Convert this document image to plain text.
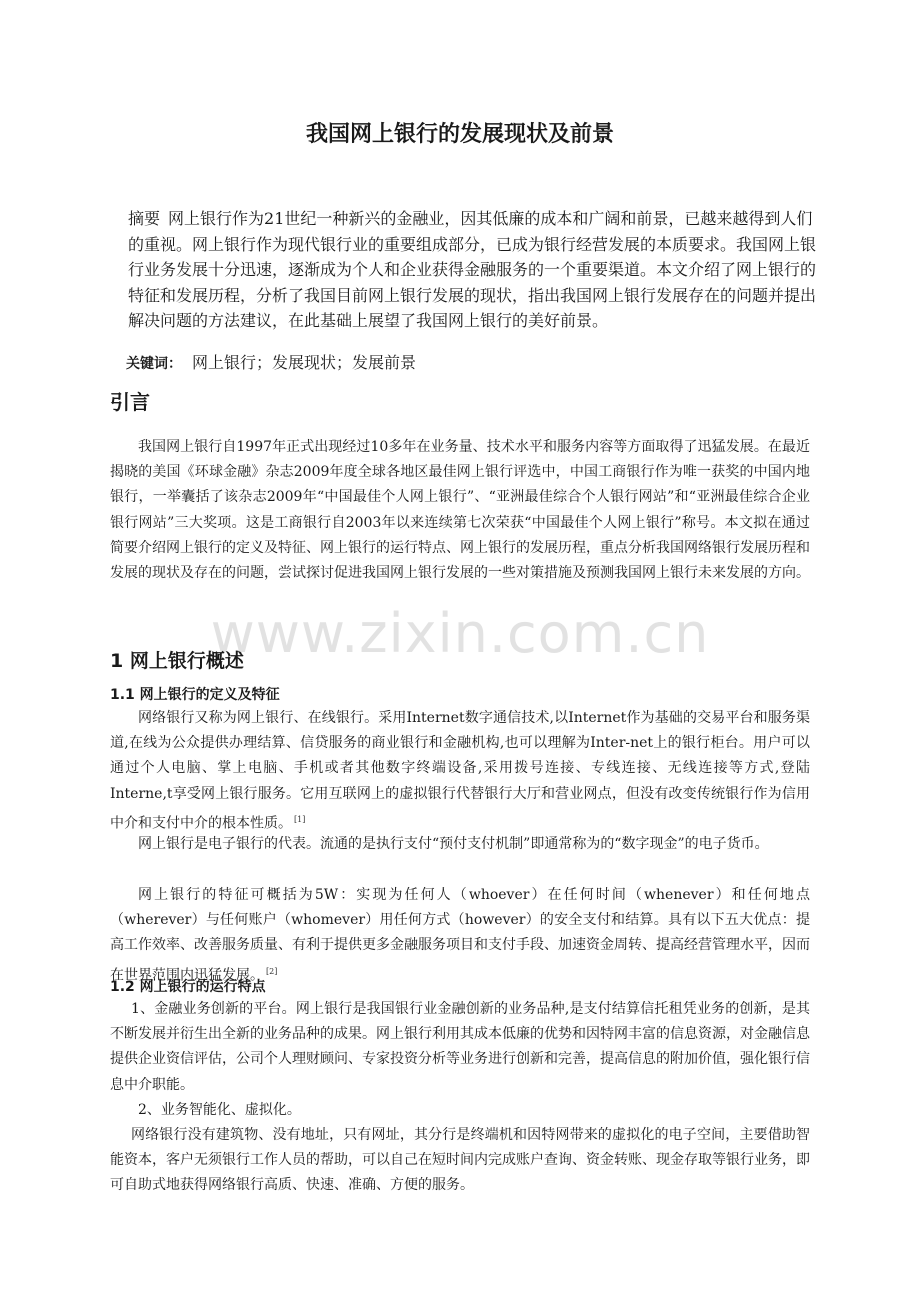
我国网上银行的发展现状及前景

摘要 网上银行作为21世纪一种新兴的金融业，因其低廉的成本和广阔和前景，已越来越得到人们的重视。网上银行作为现代银行业的重要组成部分，已成为银行经营发展的本质要求。我国网上银行业务发展十分迅速，逐渐成为个人和企业获得金融服务的一个重要渠道。本文介绍了网上银行的特征和发展历程，分析了我国目前网上银行发展的现状，指出我国网上银行发展存在的问题并提出解决问题的方法建议，在此基础上展望了我国网上银行的美好前景。

关键词： 网上银行；发展现状；发展前景

引言

我国网上银行自1997年正式出现经过10多年在业务量、技术水平和服务内容等方面取得了迅猛发展。在最近揭晓的美国《环球金融》杂志2009年度全球各地区最佳网上银行评选中，中国工商银行作为唯一获奖的中国内地银行，一举囊括了该杂志2009年“中国最佳个人网上银行”、“亚洲最佳综合个人银行网站”和“亚洲最佳综合企业银行网站”三大奖项。这是工商银行自2003年以来连续第七次荣获“中国最佳个人网上银行”称号。本文拟在通过简要介绍网上银行的定义及特征、网上银行的运行特点、网上银行的发展历程，重点分析我国网络银行发展历程和发展的现状及存在的问题，尝试探讨促进我国网上银行发展的一些对策措施及预测我国网上银行未来发展的方向。

www.zixin.com.cn
1 网上银行概述
1.1 网上银行的定义及特征

网络银行又称为网上银行、在线银行。采用Internet数字通信技术,以Internet作为基础的交易平台和服务渠道,在线为公众提供办理结算、信贷服务的商业银行和金融机构,也可以理解为Inter-net上的银行柜台。用户可以通过个人电脑、掌上电脑、手机或者其他数字终端设备,采用拨号连接、专线连接、无线连接等方式,登陆Interne,t享受网上银行服务。它用互联网上的虚拟银行代替银行大厅和营业网点，但没有改变传统银行作为信用中介和支付中介的根本性质。 [1]

网上银行是电子银行的代表。流通的是执行支付“预付支付机制”即通常称为的“数字现金”的电子货币。

网上银行的特征可概括为5W：实现为任何人（whoever）在任何时间（whenever）和任何地点（wherever）与任何账户（whomever）用任何方式（however）的安全支付和结算。具有以下五大优点：提高工作效率、改善服务质量、有利于提供更多金融服务项目和支付手段、加速资金周转、提高经营管理水平，因而在世界范围内迅猛发展。 [2]

1.2 网上银行的运行特点

1、金融业务创新的平台。网上银行是我国银行业金融创新的业务品种,是支付结算信托租凭业务的创新，是其不断发展并衍生出全新的业务品种的成果。网上银行利用其成本低廉的优势和因特网丰富的信息资源，对金融信息提供企业资信评估，公司个人理财顾问、专家投资分析等业务进行创新和完善，提高信息的附加价值，强化银行信息中介职能。

2、业务智能化、虚拟化。

网络银行没有建筑物、没有地址，只有网址，其分行是终端机和因特网带来的虚拟化的电子空间，主要借助智能资本，客户无须银行工作人员的帮助，可以自己在短时间内完成账户查询、资金转账、现金存取等银行业务，即可自助式地获得网络银行高质、快速、准确、方便的服务。
